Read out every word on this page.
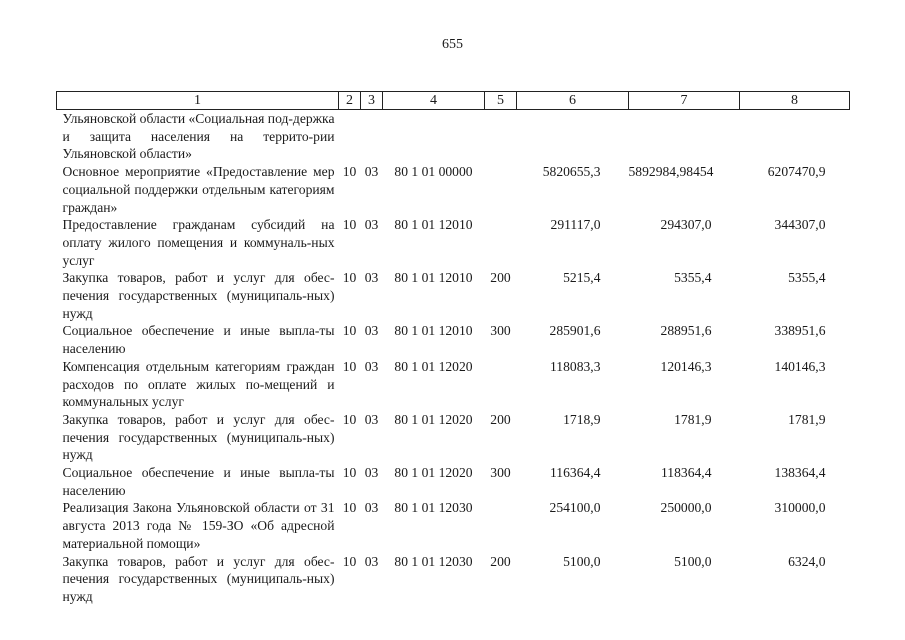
655
1	2	3	4	5	6	7	8
Ульяновской области «Социальная под-держка и защита населения на террито-рии Ульяновской области»							
Основное мероприятие «Предоставление мер социальной поддержки отдельным категориям граждан»	10	03	80 1 01 00000		5820655,3	5892984,98454	6207470,9
Предоставление гражданам субсидий на оплату жилого помещения и коммуналь-ных услуг	10	03	80 1 01 12010		291117,0	294307,0	344307,0
Закупка товаров, работ и услуг для обес-печения государственных (муниципаль-ных) нужд	10	03	80 1 01 12010	200	5215,4	5355,4	5355,4
Социальное обеспечение и иные выпла-ты населению	10	03	80 1 01 12010	300	285901,6	288951,6	338951,6
Компенсация отдельным категориям граждан расходов по оплате жилых по-мещений и коммунальных услуг	10	03	80 1 01 12020		118083,3	120146,3	140146,3
Закупка товаров, работ и услуг для обес-печения государственных (муниципаль-ных) нужд	10	03	80 1 01 12020	200	1718,9	1781,9	1781,9
Социальное обеспечение и иные выпла-ты населению	10	03	80 1 01 12020	300	116364,4	118364,4	138364,4
Реализация Закона Ульяновской области от 31 августа 2013 года № 159-ЗО «Об адресной материальной помощи»	10	03	80 1 01 12030		254100,0	250000,0	310000,0
Закупка товаров, работ и услуг для обес-печения государственных (муниципаль-ных) нужд	10	03	80 1 01 12030	200	5100,0	5100,0	6324,0
